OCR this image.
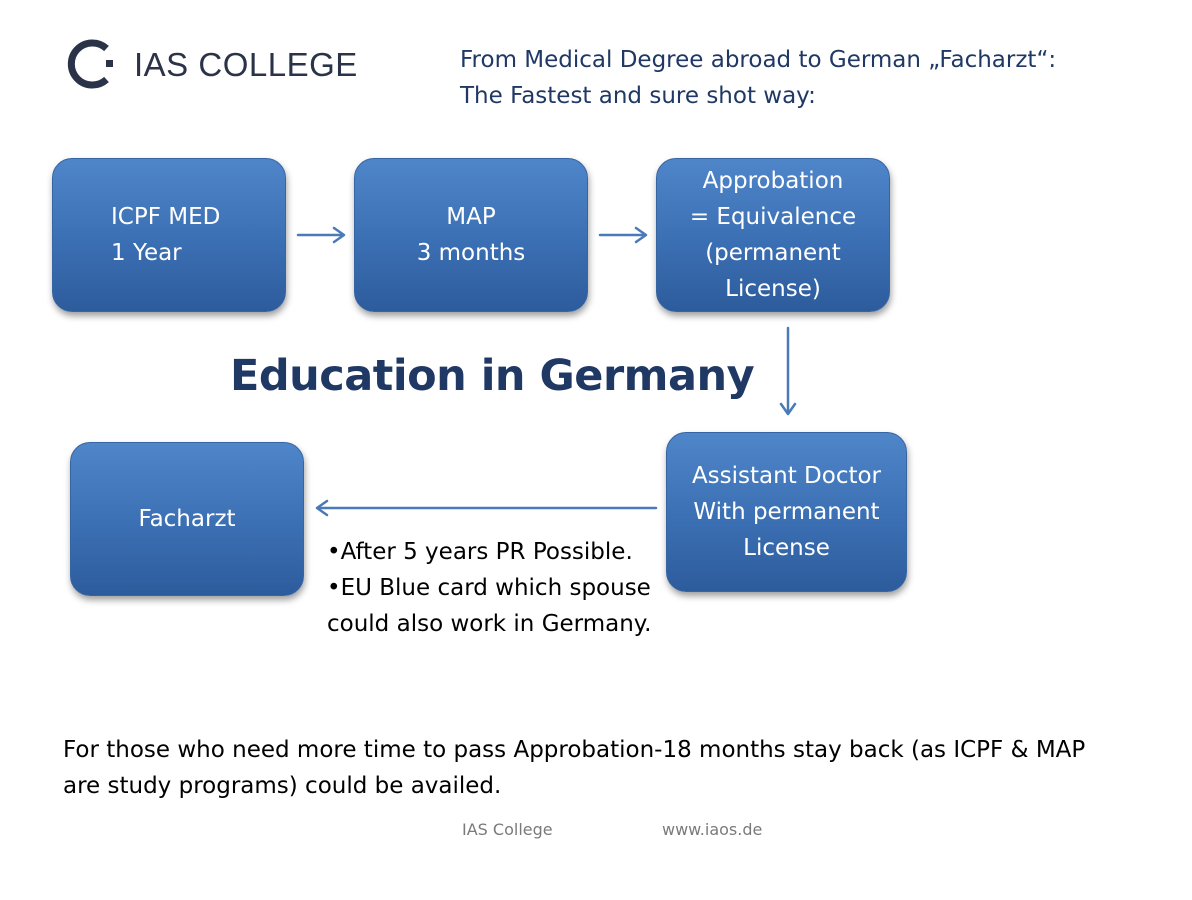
IAS COLLEGE	From Medical Degree abroad to German „Facharzt“:
The Fastest and sure shot way:
ICPF MED
1 Year
MAP
3 months
Approbation
= Equivalence
(permanent
License)
Assistant Doctor
With permanent
License
Facharzt
Education in Germany

•After 5 years PR Possible.

•EU Blue card which spouse could also work in Germany.

For those who need more time to pass Approbation-18 months stay back (as ICPF & MAP are study programs) could be availed.
IAS College	www.iaos.de
